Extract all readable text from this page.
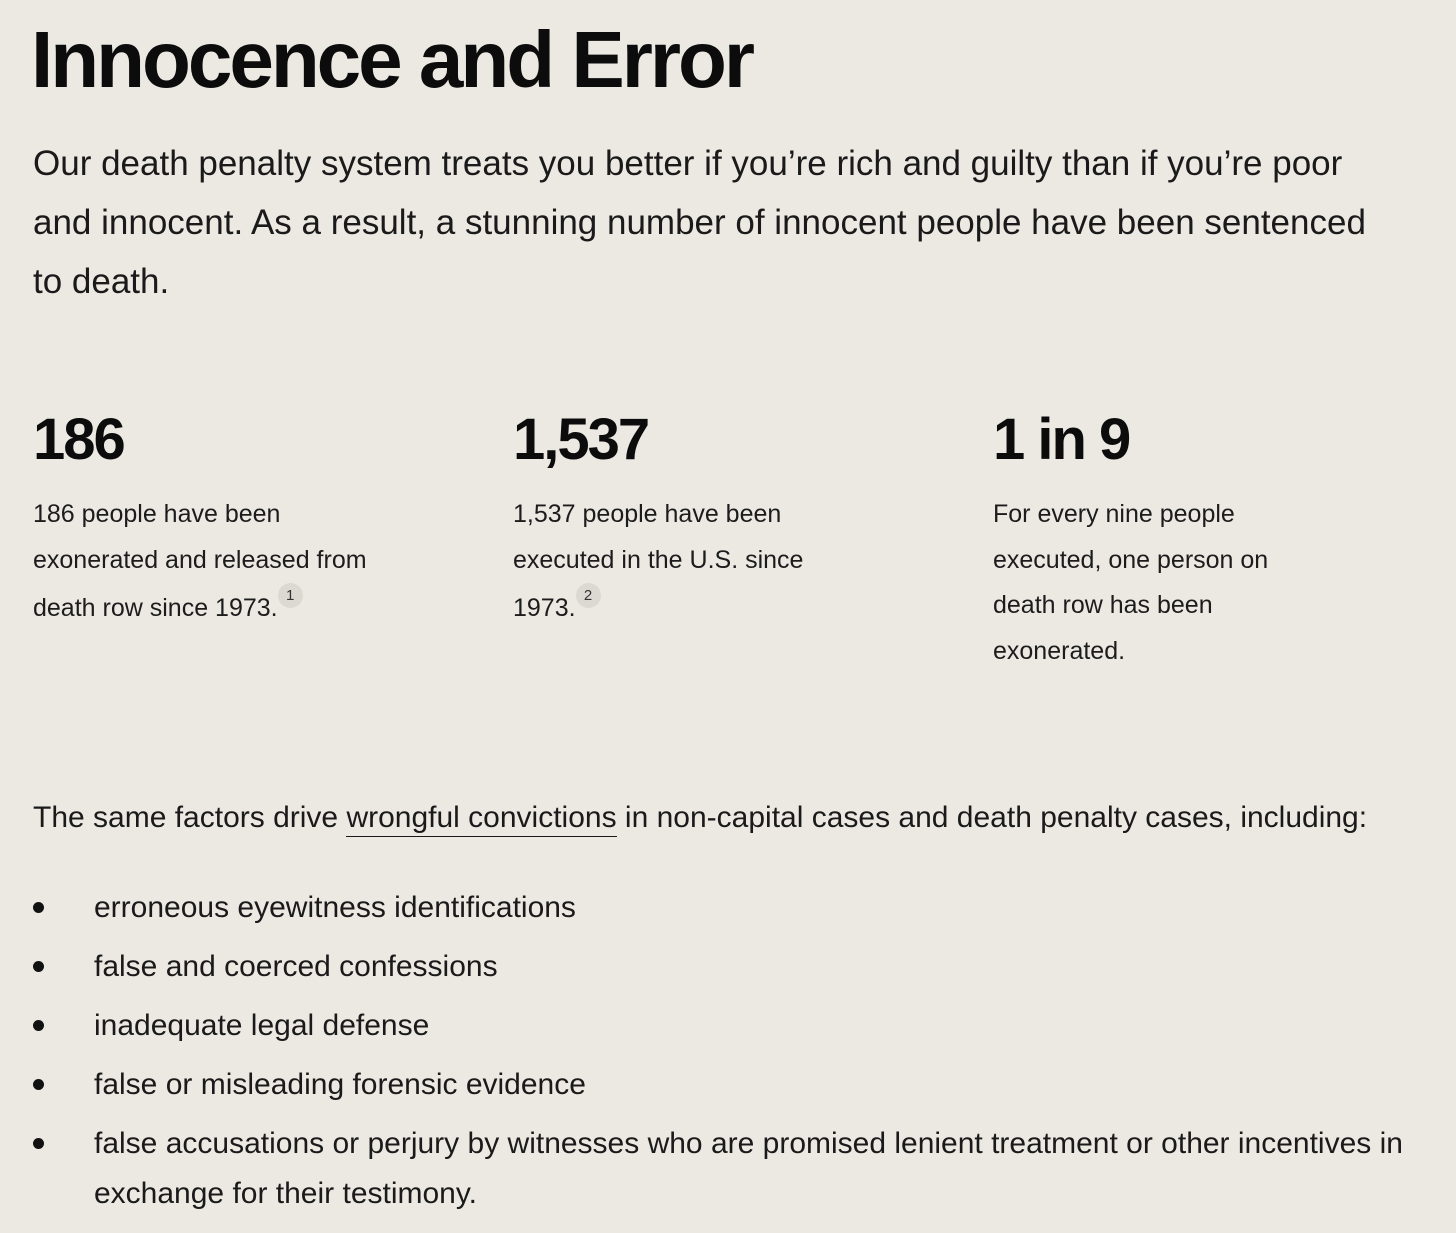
Innocence and Error

Our death penalty system treats you better if you’re rich and guilty than if you’re poor and innocent. As a result, a stunning number of innocent people have been sentenced to death.

186

186 people have been exonerated and released from death row since 1973. 1

1,537

1,537 people have been executed in the U.S. since 1973. 2

1 in 9

For every nine people executed, one person on death row has been exonerated.

The same factors drive wrongful convictions in non-capital cases and death penalty cases, including:

erroneous eyewitness identifications
false and coerced confessions
inadequate legal defense
false or misleading forensic evidence
false accusations or perjury by witnesses who are promised lenient treatment or other incentives in exchange for their testimony.
